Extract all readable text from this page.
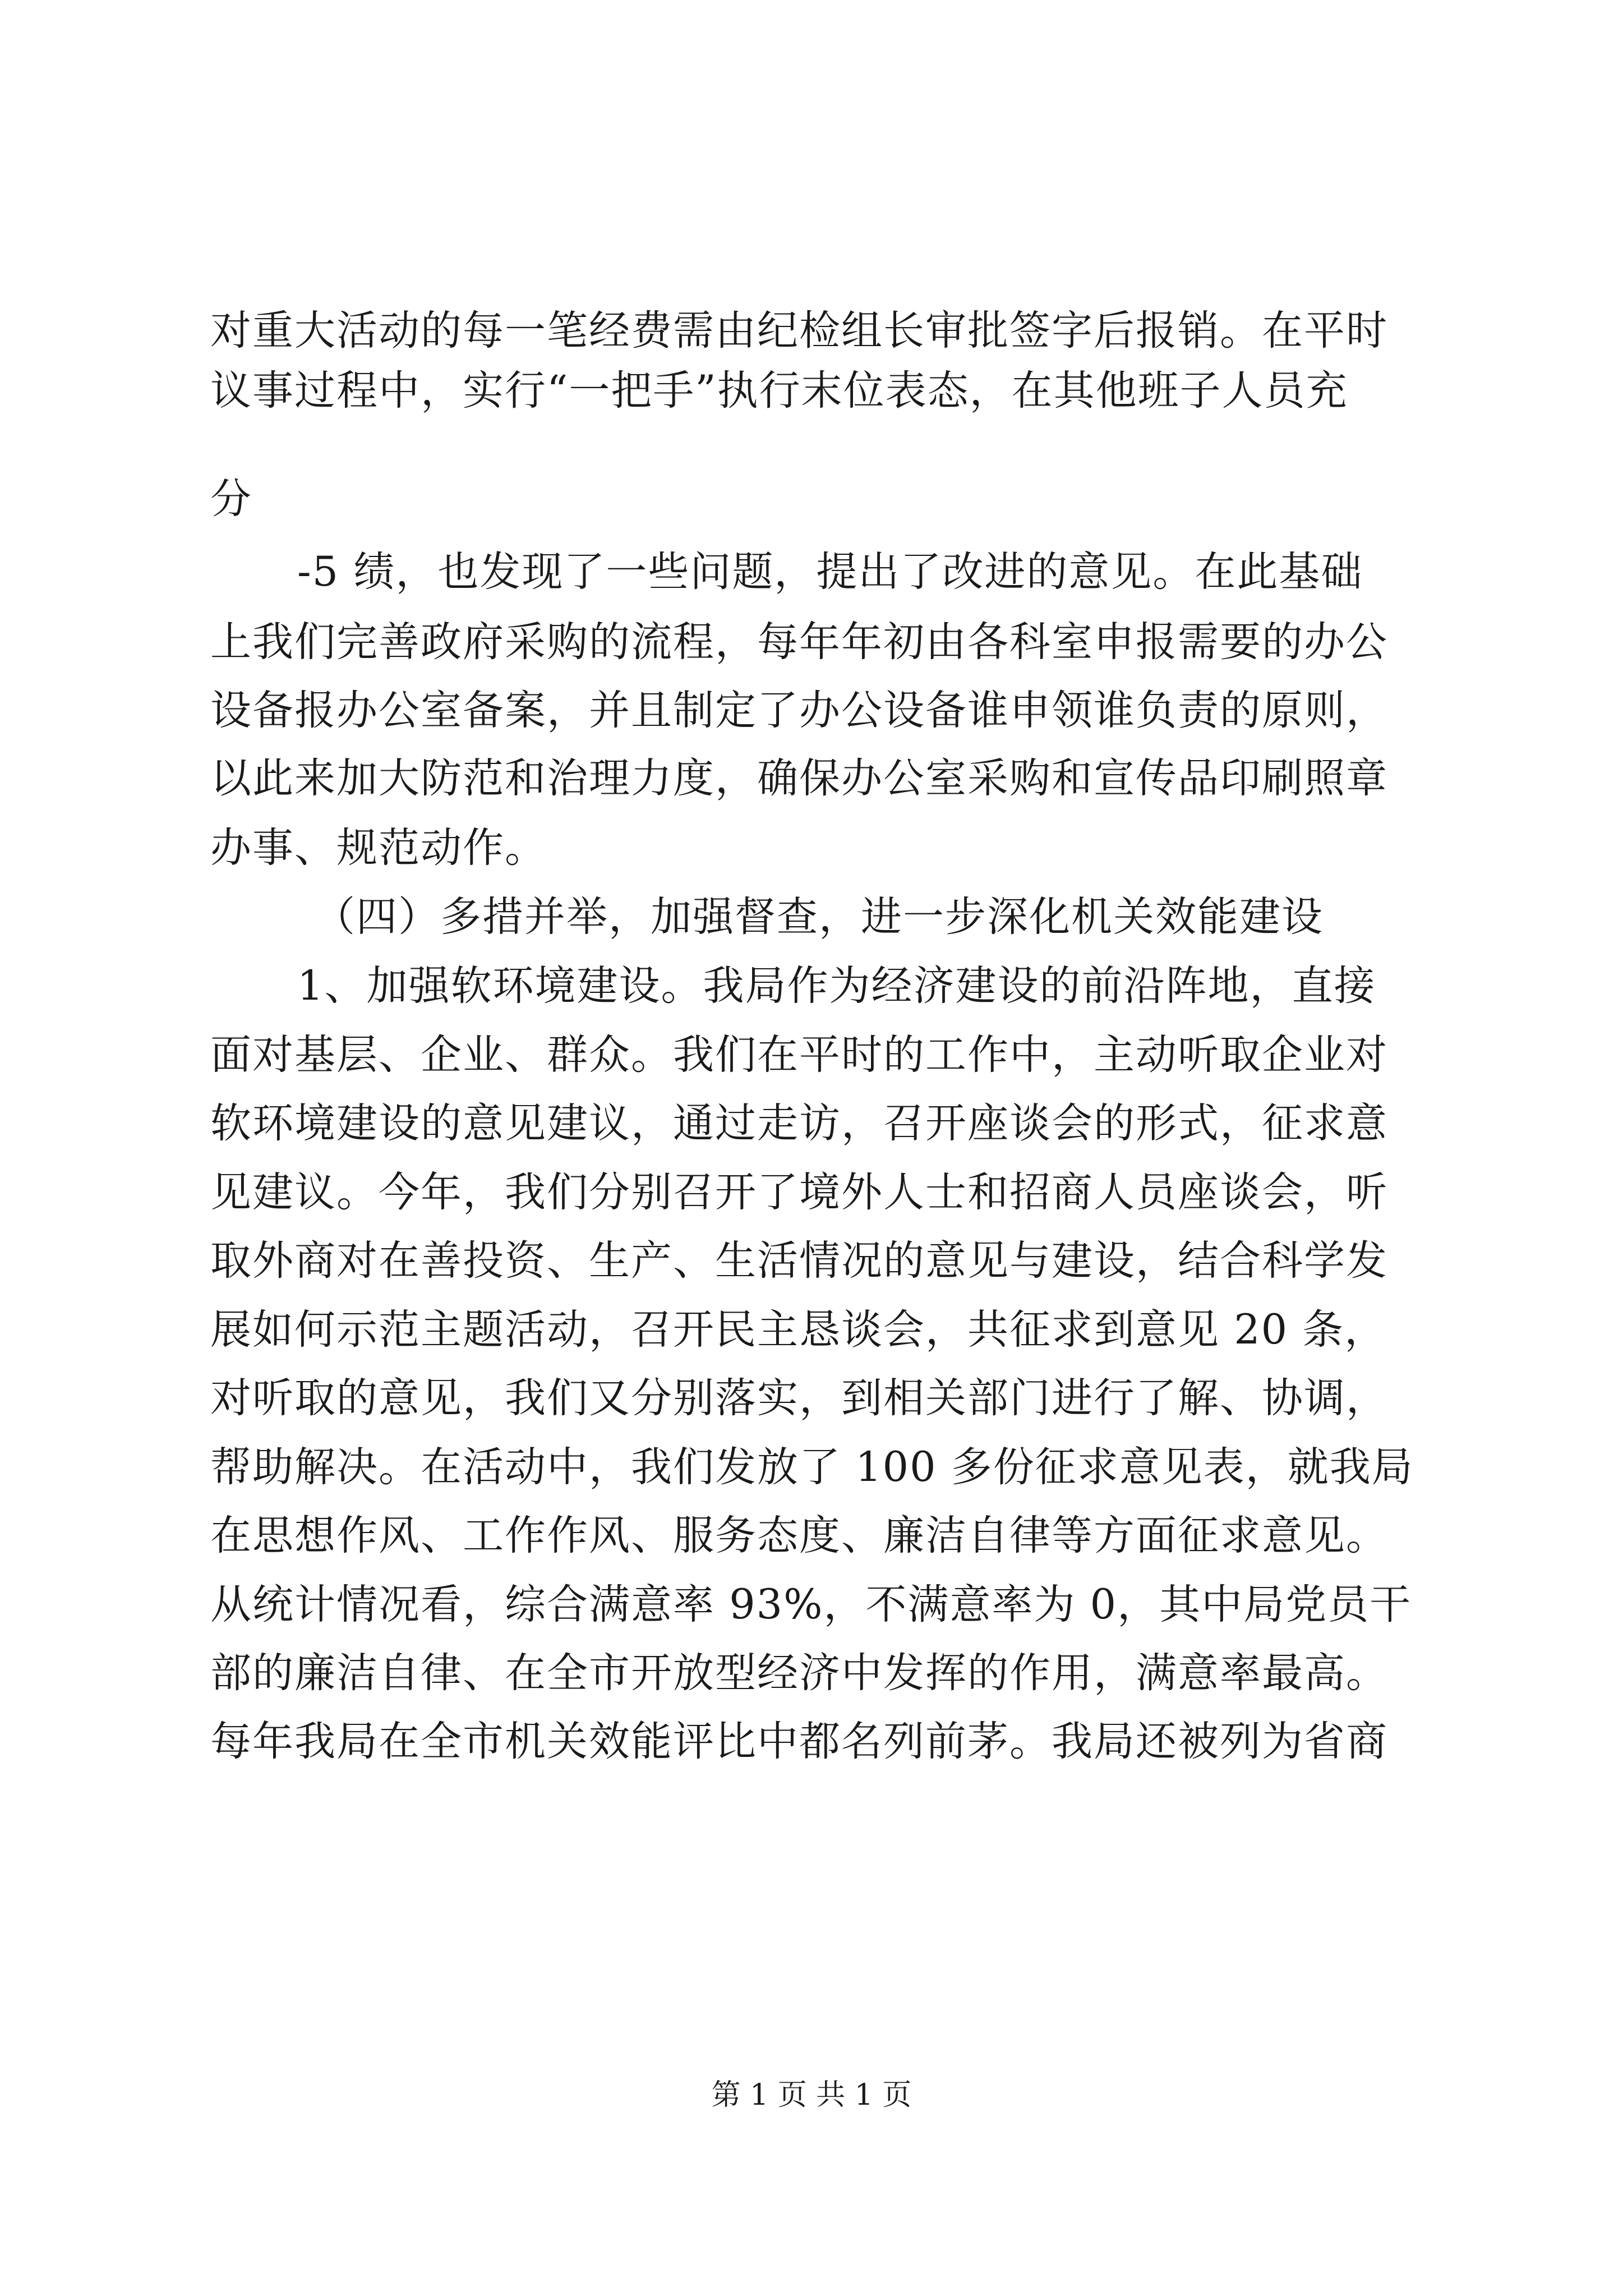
对重大活动的每一笔经费需由纪检组长审批签字后报销。在平时
议事过程中，实行“一把手”执行末位表态，在其他班子人员充
分
-5 绩，也发现了一些问题，提出了改进的意见。在此基础
上我们完善政府采购的流程，每年年初由各科室申报需要的办公
设备报办公室备案，并且制定了办公设备谁申领谁负责的原则，
以此来加大防范和治理力度，确保办公室采购和宣传品印刷照章
办事、规范动作。
（四）多措并举，加强督查，进一步深化机关效能建设
1、加强软环境建设。我局作为经济建设的前沿阵地，直接
面对基层、企业、群众。我们在平时的工作中，主动听取企业对
软环境建设的意见建议，通过走访，召开座谈会的形式，征求意
见建议。今年，我们分别召开了境外人士和招商人员座谈会，听
取外商对在善投资、生产、生活情况的意见与建设，结合科学发
展如何示范主题活动，召开民主恳谈会，共征求到意见 20 条，
对听取的意见，我们又分别落实，到相关部门进行了解、协调，
帮助解决。在活动中，我们发放了 100 多份征求意见表，就我局
在思想作风、工作作风、服务态度、廉洁自律等方面征求意见。
从统计情况看，综合满意率 93%，不满意率为 0，其中局党员干
部的廉洁自律、在全市开放型经济中发挥的作用，满意率最高。
每年我局在全市机关效能评比中都名列前茅。我局还被列为省商
第 1 页 共 1 页
